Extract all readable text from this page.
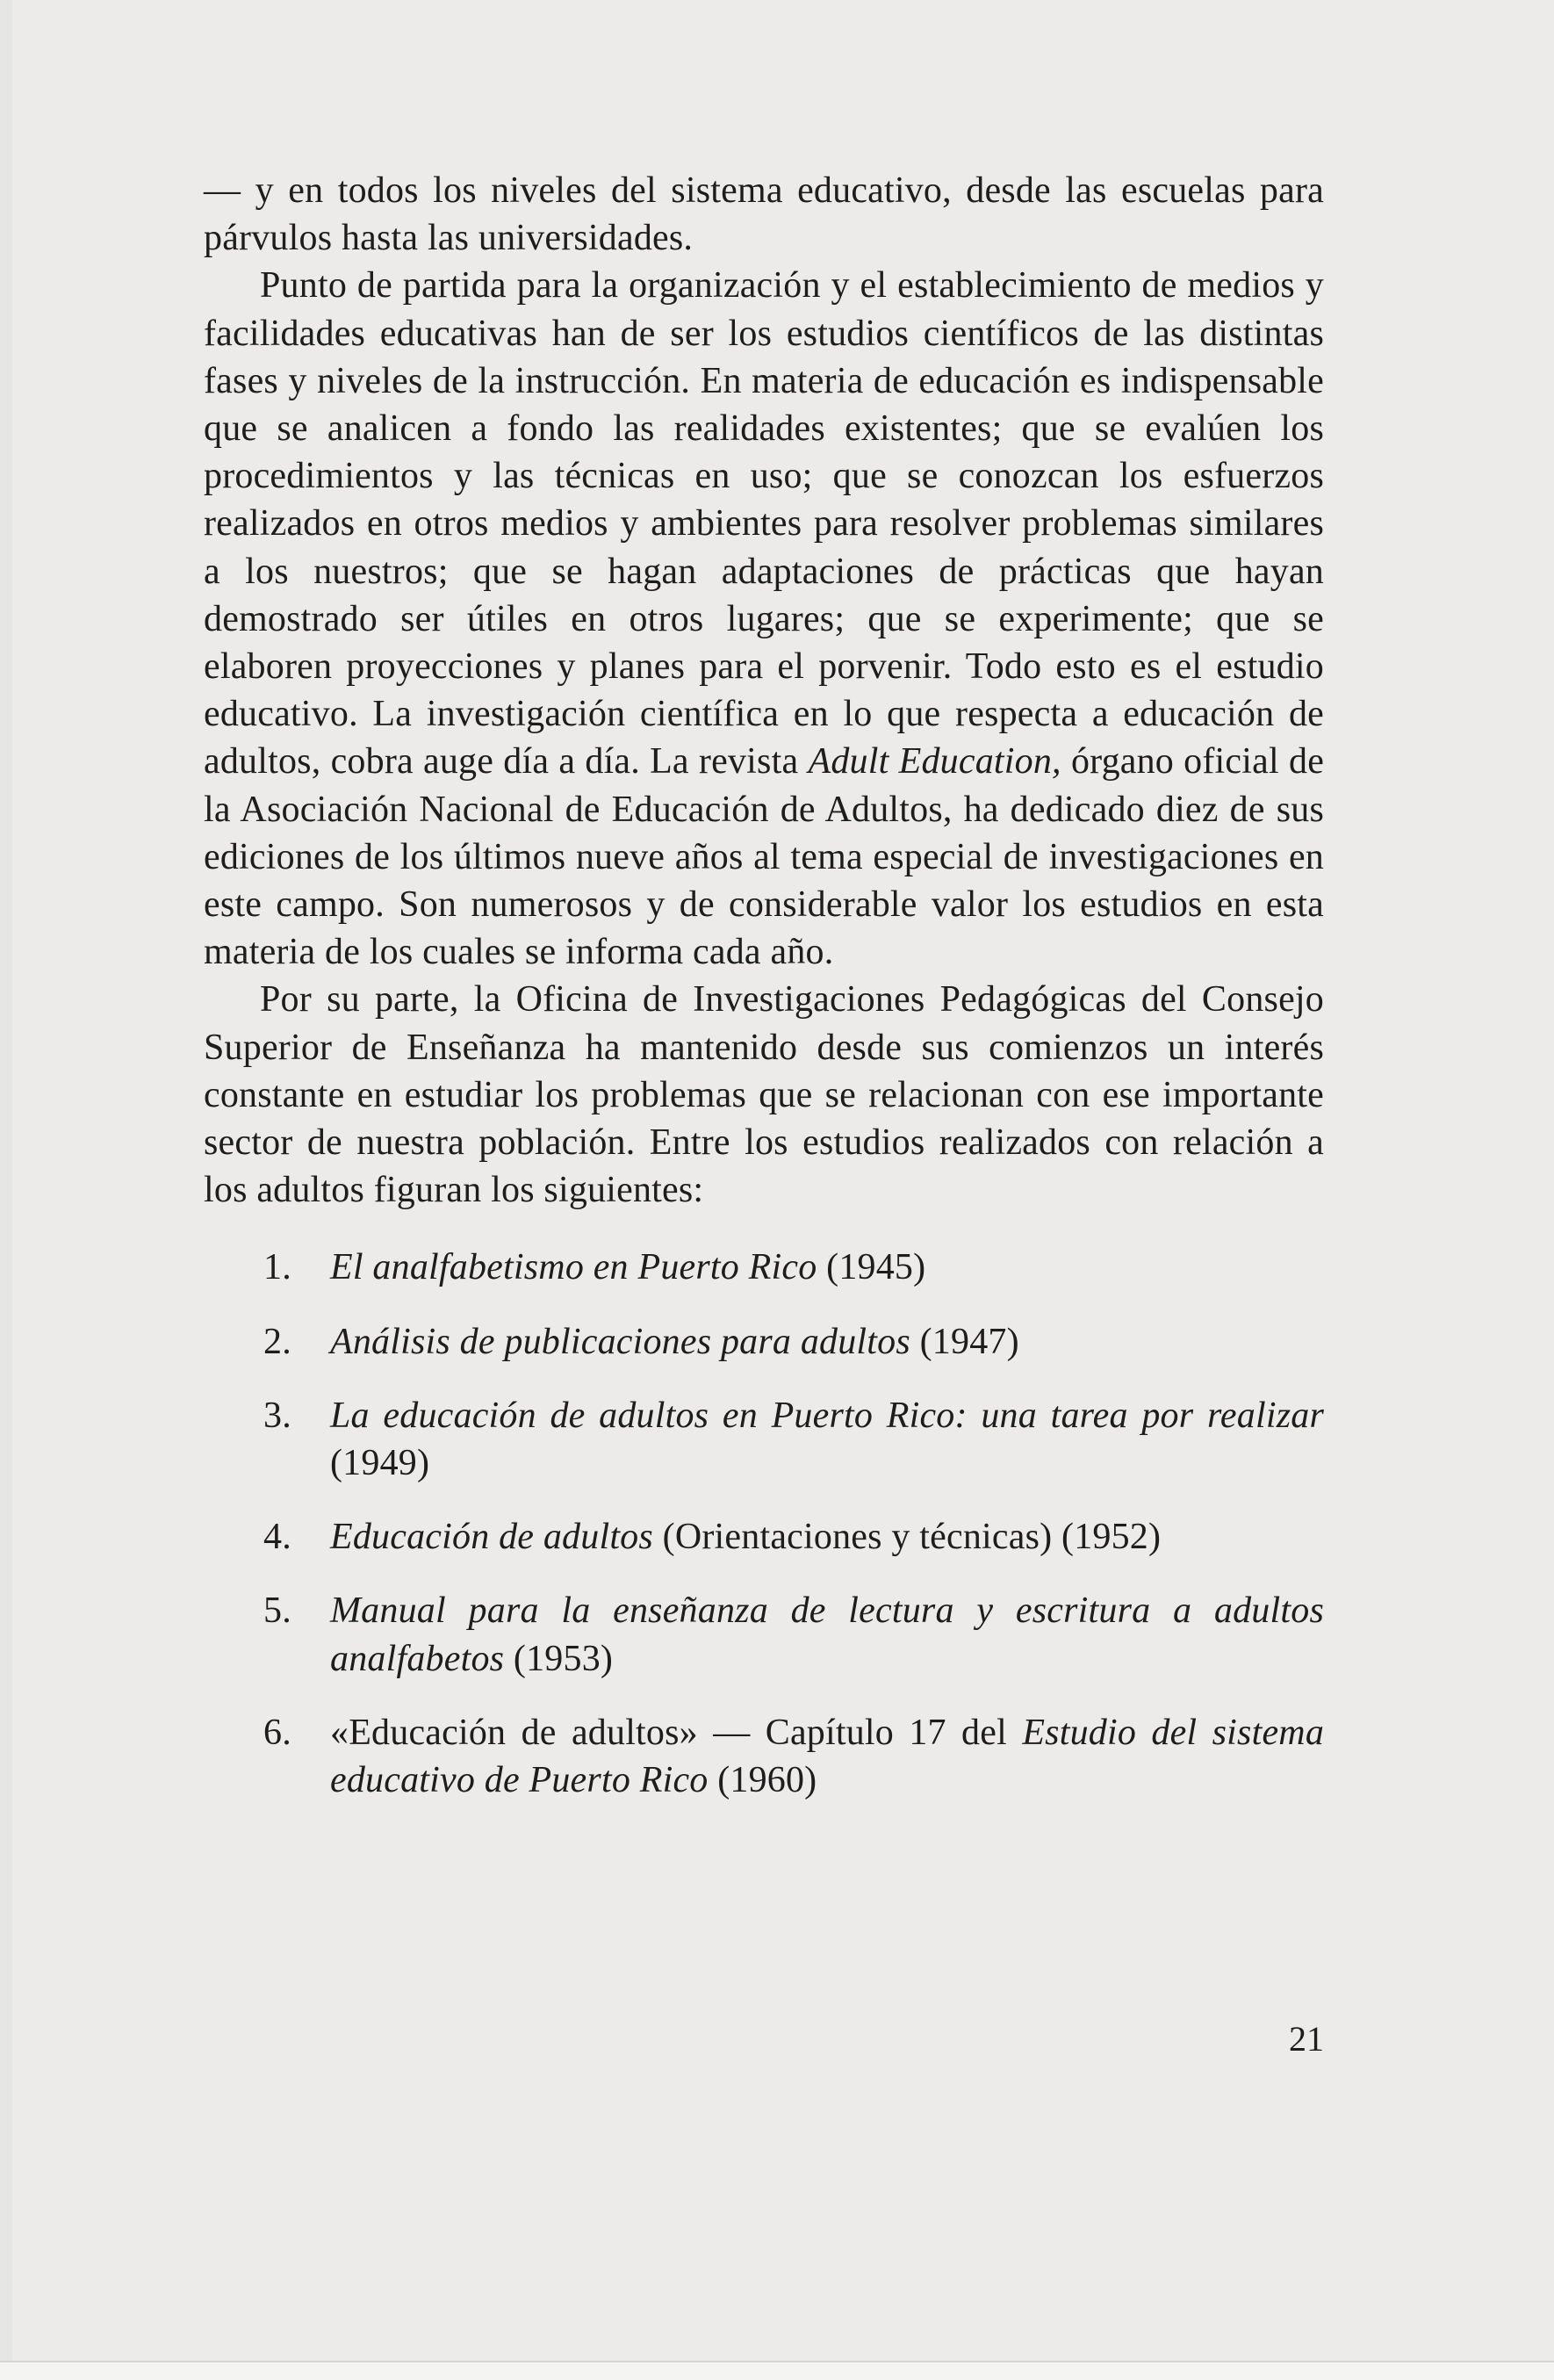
— y en todos los niveles del sistema educativo, desde las escuelas para párvulos hasta las universidades.

Punto de partida para la organización y el establecimiento de medios y facilidades educativas han de ser los estudios científicos de las distintas fases y niveles de la instrucción. En materia de educación es indispensable que se analicen a fondo las realidades existentes; que se evalúen los procedimientos y las técnicas en uso; que se conozcan los esfuerzos realizados en otros medios y ambientes para resolver problemas similares a los nuestros; que se hagan adaptaciones de prácticas que hayan demostrado ser útiles en otros lugares; que se experimente; que se elaboren proyecciones y planes para el porvenir. Todo esto es el estudio educativo. La investigación científica en lo que respecta a educación de adultos, cobra auge día a día. La revista Adult Education, órgano oficial de la Asociación Nacional de Educación de Adultos, ha dedicado diez de sus ediciones de los últimos nueve años al tema especial de investigaciones en este campo. Son numerosos y de considerable valor los estudios en esta materia de los cuales se informa cada año.

Por su parte, la Oficina de Investigaciones Pedagógicas del Consejo Superior de Enseñanza ha mantenido desde sus comienzos un interés constante en estudiar los problemas que se relacionan con ese importante sector de nuestra población. Entre los estudios realizados con relación a los adultos figuran los siguientes:

1. El analfabetismo en Puerto Rico (1945)
2. Análisis de publicaciones para adultos (1947)
3. La educación de adultos en Puerto Rico: una tarea por realizar (1949)
4. Educación de adultos (Orientaciones y técnicas) (1952)
5. Manual para la enseñanza de lectura y escritura a adultos analfabetos (1953)
6. «Educación de adultos» — Capítulo 17 del Estudio del sistema educativo de Puerto Rico (1960)
21
